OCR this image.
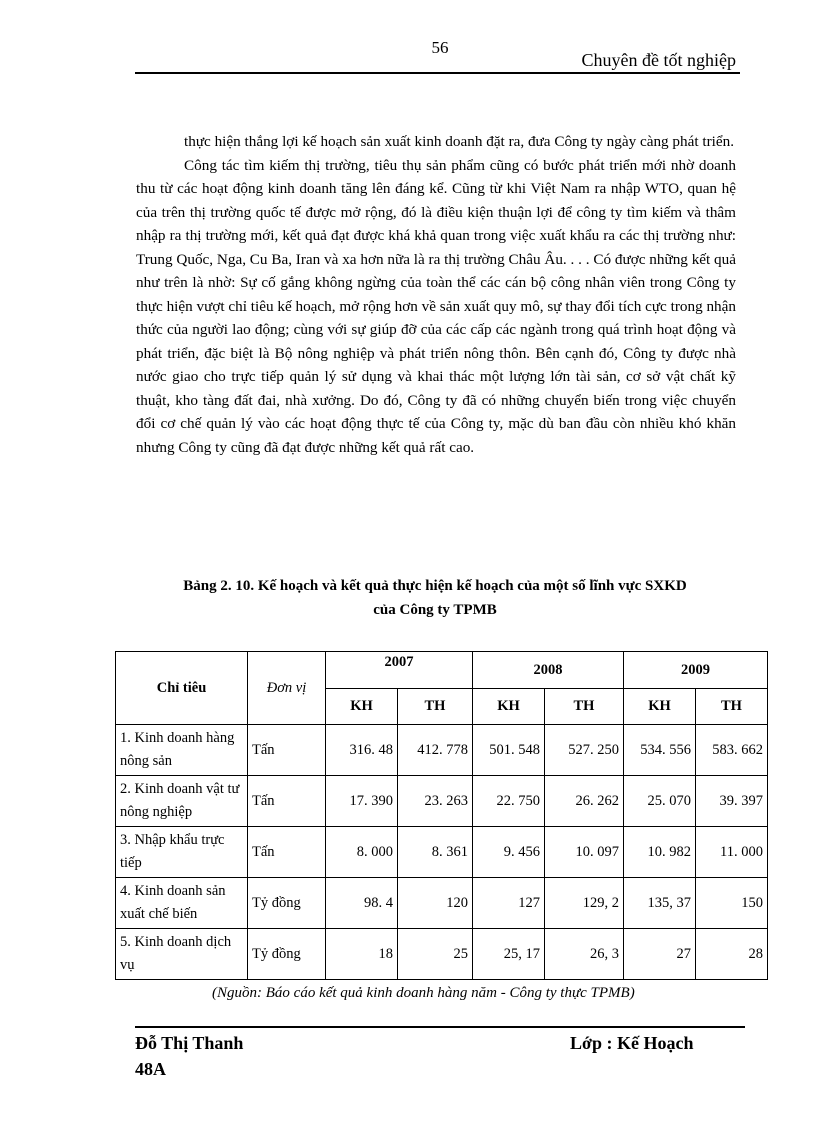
56
Chuyên đề tốt nghiệp

thực hiện thắng lợi kế hoạch sản xuất kinh doanh đặt ra, đưa Công ty ngày càng phát triển.

Công tác tìm kiếm thị trường, tiêu thụ sản phẩm cũng có bước phát triển mới nhờ doanh thu từ các hoạt động kinh doanh tăng lên đáng kể. Cũng từ khi Việt Nam ra nhập WTO, quan hệ của trên thị trường quốc tế được mở rộng, đó là điều kiện thuận lợi để công ty tìm kiếm và thâm nhập ra thị trường mới, kết quả đạt được khá khả quan trong việc xuất khẩu ra các thị trường như: Trung Quốc, Nga, Cu Ba, Iran và xa hơn nữa là ra thị trường Châu Âu. . . . Có được những kết quả như trên là nhờ: Sự cố gắng không ngừng của toàn thể các cán bộ công nhân viên trong Công ty thực hiện vượt chỉ tiêu kế hoạch, mở rộng hơn về sản xuất quy mô, sự thay đổi tích cực trong nhận thức của người lao động; cùng với sự giúp đỡ của các cấp các ngành trong quá trình hoạt động và phát triển, đặc biệt là Bộ nông nghiệp và phát triển nông thôn. Bên cạnh đó, Công ty được nhà nước giao cho trực tiếp quản lý sử dụng và khai thác một lượng lớn tài sản, cơ sở vật chất kỹ thuật, kho tàng đất đai, nhà xưởng. Do đó, Công ty đã có những chuyển biến trong việc chuyển đổi cơ chế quản lý vào các hoạt động thực tế của Công ty, mặc dù ban đầu còn nhiều khó khăn nhưng Công ty cũng đã đạt được những kết quả rất cao.

Bảng 2. 10. Kế hoạch và kết quả thực hiện kế hoạch của một số lĩnh vực SXKD
của Công ty TPMB
Chỉ tiêu	Đơn vị	2007		2008		2009	
		KH	TH	KH	TH	KH	TH
1. Kinh doanh hàng nông sản	Tấn	316. 48	412. 778	501. 548	527. 250	534. 556	583. 662
2. Kinh doanh vật tư nông nghiệp	Tấn	17. 390	23. 263	22. 750	26. 262	25. 070	39. 397
3. Nhập khẩu trực tiếp	Tấn	8. 000	8. 361	9. 456	10. 097	10. 982	11. 000
4. Kinh doanh sản xuất chế biến	Tỷ đồng	98. 4	120	127	129, 2	135, 37	150
5. Kinh doanh dịch vụ	Tỷ đồng	18	25	25, 17	26, 3	27	28
(Nguồn: Báo cáo kết quả kinh doanh hàng năm - Công ty thực TPMB)
Đỗ Thị Thanh
48A
Lớp : Kế Hoạch
